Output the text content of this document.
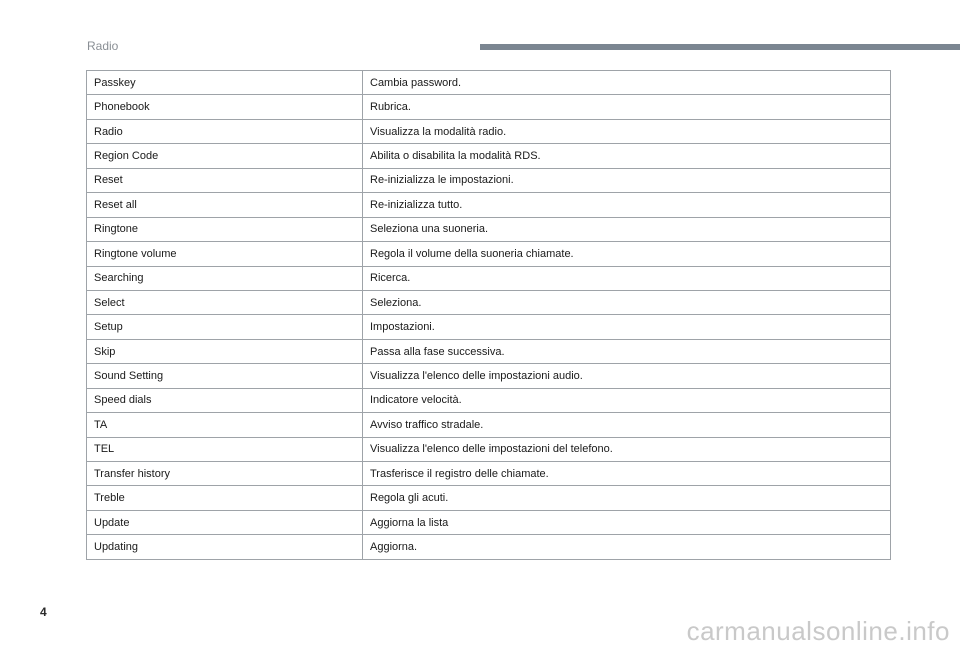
Radio
Passkey	Cambia password.
Phonebook	Rubrica.
Radio	Visualizza la modalità radio.
Region Code	Abilita o disabilita la modalità RDS.
Reset	Re-inizializza le impostazioni.
Reset all	Re-inizializza tutto.
Ringtone	Seleziona una suoneria.
Ringtone volume	Regola il volume della suoneria chiamate.
Searching	Ricerca.
Select	Seleziona.
Setup	Impostazioni.
Skip	Passa alla fase successiva.
Sound Setting	Visualizza l'elenco delle impostazioni audio.
Speed dials	Indicatore velocità.
TA	Avviso traffico stradale.
TEL	Visualizza l'elenco delle impostazioni del telefono.
Transfer history	Trasferisce il registro delle chiamate.
Treble	Regola gli acuti.
Update	Aggiorna la lista
Updating	Aggiorna.
4
carmanualsonline.info
